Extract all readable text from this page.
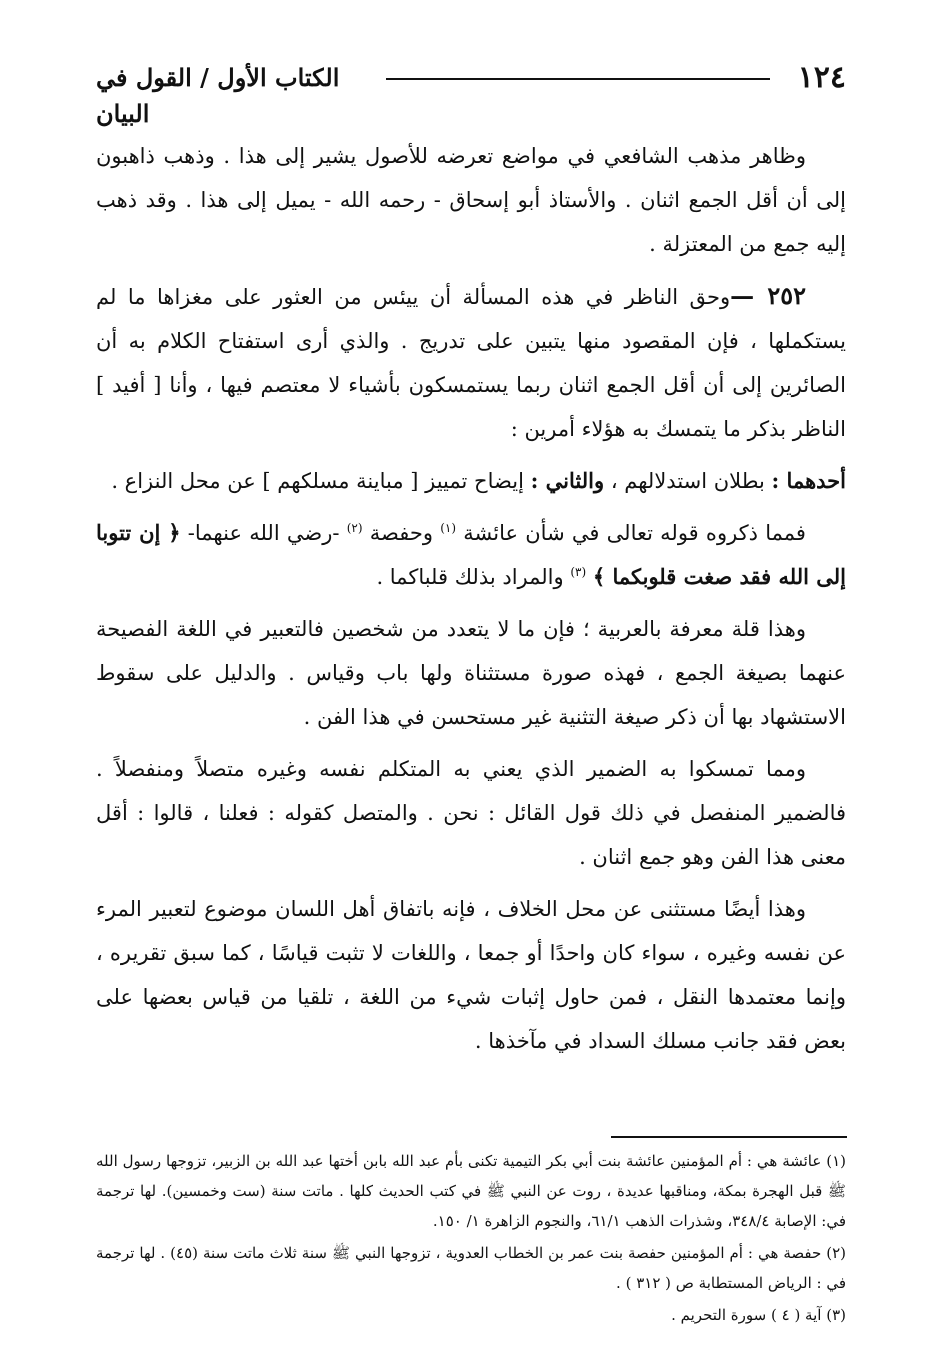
١٢٤
الكتاب الأول / القول في البيان

وظاهر مذهب الشافعي في مواضع تعرضه للأصول يشير إلى هذا . وذهب ذاهبون إلى أن أقل الجمع اثنان . والأستاذ أبو إسحاق - رحمه الله - يميل إلى هذا . وقد ذهب إليه جمع من المعتزلة .

٢٥٢ —وحق الناظر في هذه المسألة أن ييئس من العثور على مغزاها ما لم يستكملها ، فإن المقصود منها يتبين على تدريج . والذي أرى استفتاح الكلام به أن الصائرين إلى أن أقل الجمع اثنان ربما يستمسكون بأشياء لا معتصم فيها ، وأنا [ أفيد ] الناظر بذكر ما يتمسك به هؤلاء أمرين :

أحدهما : بطلان استدلالهم ، والثاني : إيضاح تمييز [ مباينة مسلكهم ] عن محل النزاع .

فمما ذكروه قوله تعالى في شأن عائشة $^{(١)}$ وحفصة $^{(٢)}$ -رضي الله عنهما- ﴿ إن تتوبا إلى الله فقد صغت قلوبكما ﴾ $^{(٣)}$ والمراد بذلك قلباكما .

وهذا قلة معرفة بالعربية ؛ فإن ما لا يتعدد من شخصين فالتعبير في اللغة الفصيحة عنهما بصيغة الجمع ، فهذه صورة مستثناة ولها باب وقياس . والدليل على سقوط الاستشهاد بها أن ذكر صيغة التثنية غير مستحسن في هذا الفن .

ومما تمسكوا به الضمير الذي يعني به المتكلم نفسه وغيره متصلاً ومنفصلاً . فالضمير المنفصل في ذلك قول القائل : نحن . والمتصل كقوله : فعلنا ، قالوا : أقل معنى هذا الفن وهو جمع اثنان .

وهذا أيضًا مستثنى عن محل الخلاف ، فإنه باتفاق أهل اللسان موضوع لتعبير المرء عن نفسه وغيره ، سواء كان واحدًا أو جمعا ، واللغات لا تثبت قياسًا ، كما سبق تقريره ، وإنما معتمدها النقل ، فمن حاول إثبات شيء من اللغة ، تلقيا من قياس بعضها على بعض فقد جانب مسلك السداد في مآخذها .

(١) عائشة هي : أم المؤمنين عائشة بنت أبي بكر التيمية تكنى بأم عبد الله بابن أختها عبد الله بن الزبير، تزوجها رسول الله ﷺ قبل الهجرة بمكة، ومناقبها عديدة ، روت عن النبي ﷺ في كتب الحديث كلها . ماتت سنة (ست وخمسين). لها ترجمة في: الإصابة ٣٤٨/٤، وشذرات الذهب ٦١/١، والنجوم الزاهرة ١/ ١٥٠.

(٢) حفصة هي : أم المؤمنين حفصة بنت عمر بن الخطاب العدوية ، تزوجها النبي ﷺ سنة ثلاث ماتت سنة (٤٥) . لها ترجمة في : الرياض المستطابة ص ( ٣١٢ ) .

(٣) آية ( ٤ ) سورة التحريم .
